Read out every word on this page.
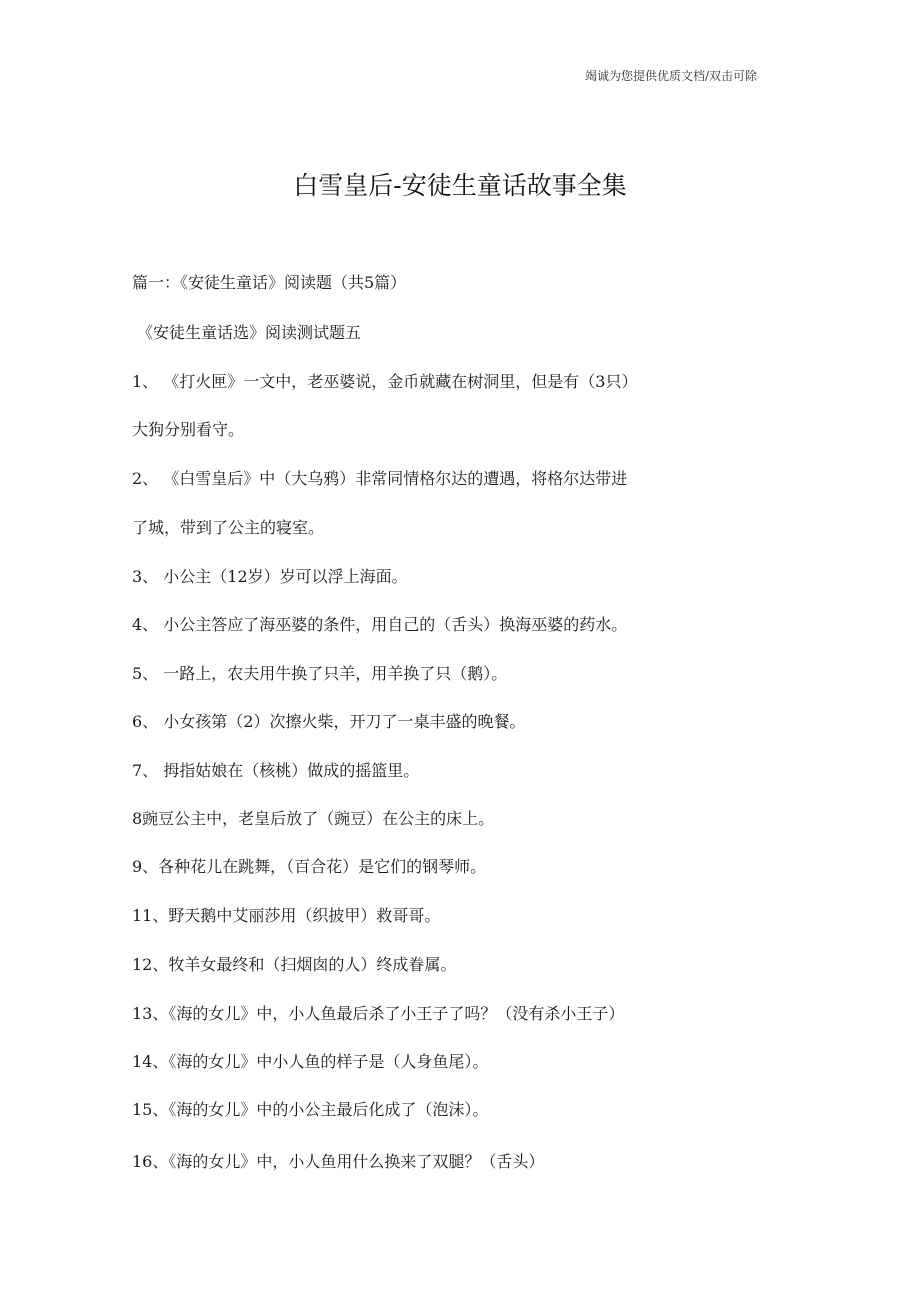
竭诚为您提供优质文档/双击可除
白雪皇后-安徒生童话故事全集
篇一：《安徒生童话》阅读题（共5篇）
《安徒生童话选》阅读测试题五
1、 《打火匣》一文中，老巫婆说，金币就藏在树洞里，但是有（3只）
大狗分别看守。
2、 《白雪皇后》中（大乌鸦）非常同情格尔达的遭遇，将格尔达带进
了城，带到了公主的寝室。
3、 小公主（12岁）岁可以浮上海面。
4、 小公主答应了海巫婆的条件，用自己的（舌头）换海巫婆的药水。
5、 一路上，农夫用牛换了只羊，用羊换了只（鹅）。
6、 小女孩第（2）次擦火柴，开刀了一桌丰盛的晚餐。
7、 拇指姑娘在（核桃）做成的摇篮里。
8豌豆公主中，老皇后放了（豌豆）在公主的床上。
9、各种花儿在跳舞，（百合花）是它们的钢琴师。
11、野天鹅中艾丽莎用（织披甲）救哥哥。
12、牧羊女最终和（扫烟囱的人）终成眷属。
13、《海的女儿》中，小人鱼最后杀了小王子了吗？（没有杀小王子）
14、《海的女儿》中小人鱼的样子是（人身鱼尾）。
15、《海的女儿》中的小公主最后化成了（泡沫）。
16、《海的女儿》中，小人鱼用什么换来了双腿？（舌头）
